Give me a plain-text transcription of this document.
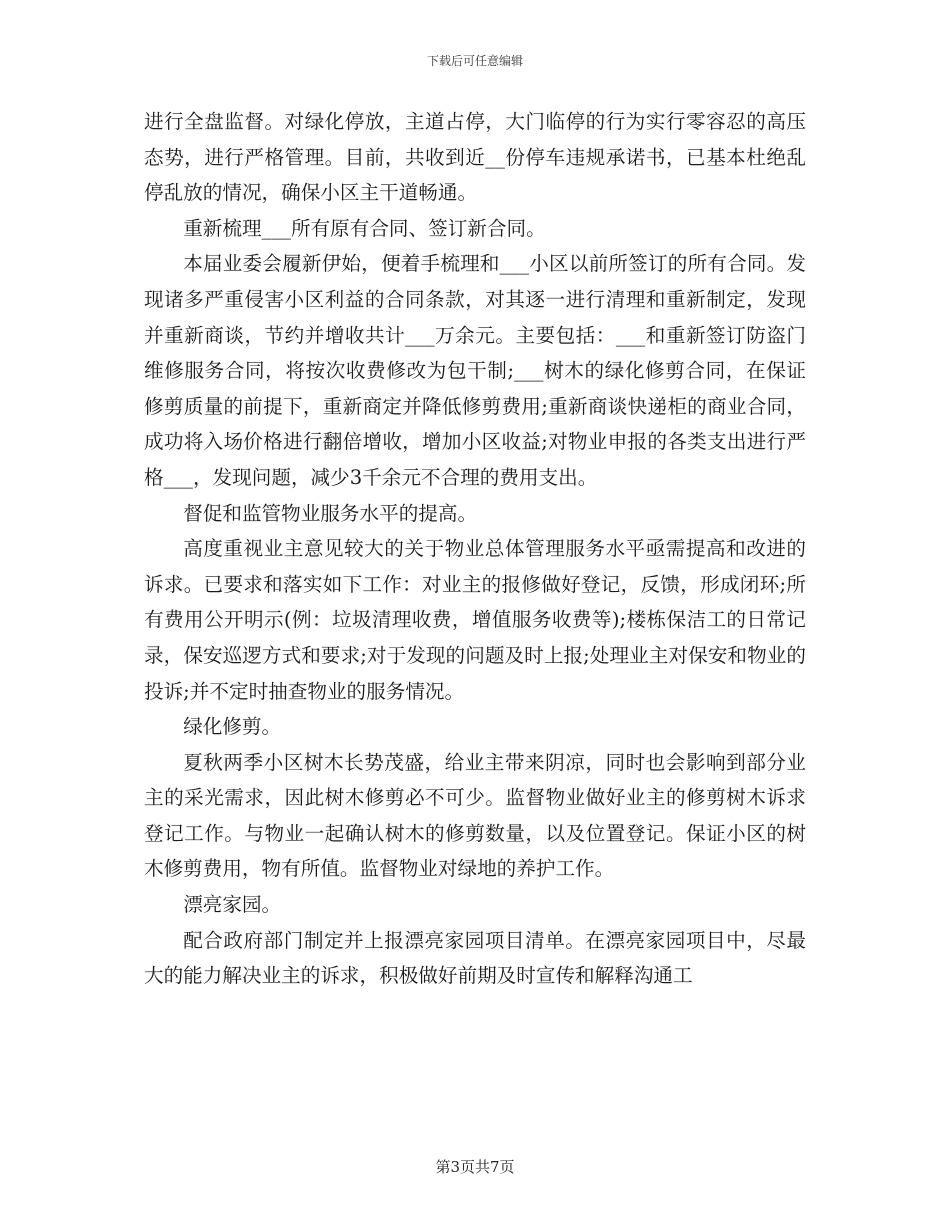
下载后可任意编辑

进行全盘监督。对绿化停放，主道占停，大门临停的行为实行零容忍的高压态势，进行严格管理。目前，共收到近__份停车违规承诺书，已基本杜绝乱停乱放的情况，确保小区主干道畅通。

重新梳理___所有原有合同、签订新合同。

本届业委会履新伊始，便着手梳理和___小区以前所签订的所有合同。发现诸多严重侵害小区利益的合同条款，对其逐一进行清理和重新制定，发现并重新商谈，节约并增收共计___万余元。主要包括：___和重新签订防盗门维修服务合同，将按次收费修改为包干制;___树木的绿化修剪合同，在保证修剪质量的前提下，重新商定并降低修剪费用;重新商谈快递柜的商业合同，成功将入场价格进行翻倍增收，增加小区收益;对物业申报的各类支出进行严格___，发现问题，减少3千余元不合理的费用支出。

督促和监管物业服务水平的提高。

高度重视业主意见较大的关于物业总体管理服务水平亟需提高和改进的诉求。已要求和落实如下工作：对业主的报修做好登记，反馈，形成闭环;所有费用公开明示(例：垃圾清理收费，增值服务收费等);楼栋保洁工的日常记录，保安巡逻方式和要求;对于发现的问题及时上报;处理业主对保安和物业的投诉;并不定时抽查物业的服务情况。

绿化修剪。

夏秋两季小区树木长势茂盛，给业主带来阴凉，同时也会影响到部分业主的采光需求，因此树木修剪必不可少。监督物业做好业主的修剪树木诉求登记工作。与物业一起确认树木的修剪数量，以及位置登记。保证小区的树木修剪费用，物有所值。监督物业对绿地的养护工作。

漂亮家园。

配合政府部门制定并上报漂亮家园项目清单。在漂亮家园项目中，尽最大的能力解决业主的诉求，积极做好前期及时宣传和解释沟通工

第3页共7页
